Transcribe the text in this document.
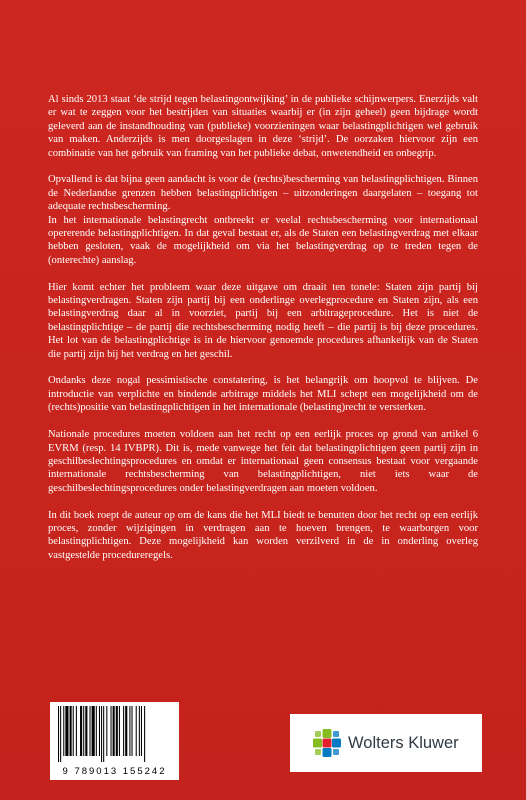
Al sinds 2013 staat ‘de strijd tegen belastingontwijking’ in de publieke schijnwerpers. Enerzijds valt er wat te zeggen voor het bestrijden van situaties waarbij er (in zijn geheel) geen bijdrage wordt geleverd aan de instandhouding van (publieke) voorzieningen waar belastingplichtigen wel gebruik van maken. Anderzijds is men doorgeslagen in deze ‘strijd’. De oorzaken hiervoor zijn een combinatie van het gebruik van framing van het publieke debat, onwetendheid en onbegrip.

Opvallend is dat bijna geen aandacht is voor de (rechts)bescherming van belastingplichtigen. Binnen de Nederlandse grenzen hebben belastingplichtigen – uitzonderingen daargelaten – toegang tot adequate rechtsbescherming.

In het internationale belastingrecht ontbreekt er veelal rechtsbescherming voor internationaal opererende belastingplichtigen. In dat geval bestaat er, als de Staten een belastingverdrag met elkaar hebben gesloten, vaak de mogelijkheid om via het belastingverdrag op te treden tegen de (onterechte) aanslag.

Hier komt echter het probleem waar deze uitgave om draait ten tonele: Staten zijn partij bij belastingverdragen. Staten zijn partij bij een onderlinge overlegprocedure en Staten zijn, als een belastingverdrag daar al in voorziet, partij bij een arbitrageprocedure. Het is niet de belastingplichtige – de partij die rechtsbescherming nodig heeft – die partij is bij deze procedures. Het lot van de belastingplichtige is in de hiervoor genoemde procedures afhankelijk van de Staten die partij zijn bij het verdrag en het geschil.

Ondanks deze nogal pessimistische constatering, is het belangrijk om hoopvol te blijven. De introductie van verplichte en bindende arbitrage middels het MLI schept een mogelijkheid om de (rechts)positie van belastingplichtigen in het internationale (belasting)recht te versterken.

Nationale procedures moeten voldoen aan het recht op een eerlijk proces op grond van artikel 6 EVRM (resp. 14 IVBPR). Dit is, mede vanwege het feit dat belastingplichtigen geen partij zijn in geschilbeslechtingsprocedures en omdat er internationaal geen consensus bestaat voor vergaande internationale rechtsbescherming van belastingplichtigen, niet iets waar de geschilbeslechtingsprocedures onder belastingverdragen aan moeten voldoen.

In dit boek roept de auteur op om de kans die het MLI biedt te benutten door het recht op een eerlijk proces, zonder wijzigingen in verdragen aan te hoeven brengen, te waarborgen voor belastingplichtigen. Deze mogelijkheid kan worden verzilverd in de in onderling overleg vastgestelde procedureregels.

9 789013 155242
Wolters Kluwer
